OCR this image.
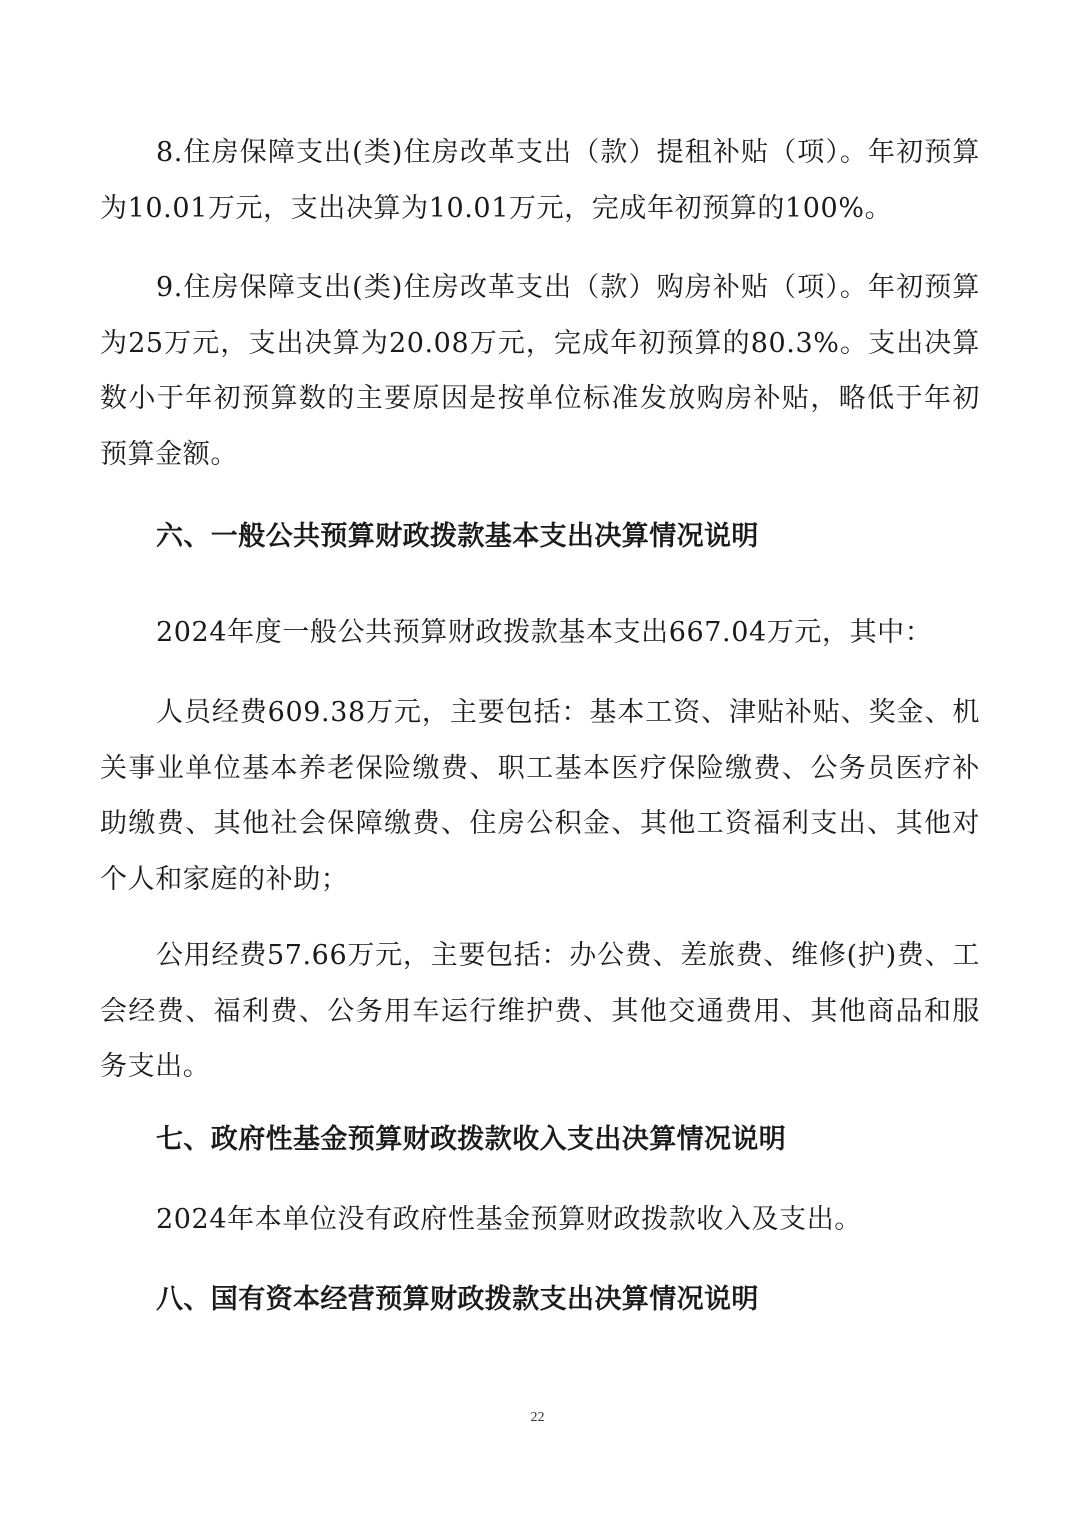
8.住房保障支出(类)住房改革支出（款）提租补贴（项）。年初预算为10.01万元，支出决算为10.01万元，完成年初预算的100%。

9.住房保障支出(类)住房改革支出（款）购房补贴（项）。年初预算为25万元，支出决算为20.08万元，完成年初预算的80.3%。支出决算数小于年初预算数的主要原因是按单位标准发放购房补贴，略低于年初预算金额。

六、一般公共预算财政拨款基本支出决算情况说明

2024年度一般公共预算财政拨款基本支出667.04万元，其中：

人员经费609.38万元，主要包括：基本工资、津贴补贴、奖金、机关事业单位基本养老保险缴费、职工基本医疗保险缴费、公务员医疗补助缴费、其他社会保障缴费、住房公积金、其他工资福利支出、其他对个人和家庭的补助；

公用经费57.66万元，主要包括：办公费、差旅费、维修(护)费、工会经费、福利费、公务用车运行维护费、其他交通费用、其他商品和服务支出。

七、政府性基金预算财政拨款收入支出决算情况说明

2024年本单位没有政府性基金预算财政拨款收入及支出。

八、国有资本经营预算财政拨款支出决算情况说明
22
